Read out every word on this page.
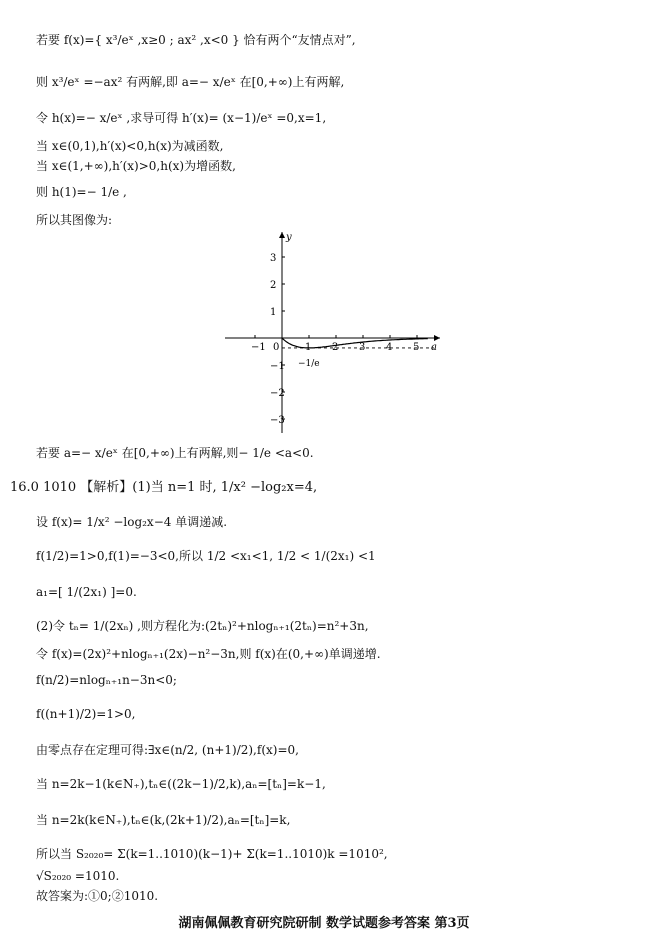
若要 f(x)={ x³/eˣ ,x≥0 ; ax² ,x<0 } 恰有两个“友情点对”,
则 x³/eˣ =−ax² 有两解,即 a=− x/eˣ 在[0,+∞)上有两解,
令 h(x)=− x/eˣ ,求导可得 h′(x)= (x−1)/eˣ =0,x=1,
当 x∈(0,1),h′(x)<0,h(x)为减函数,
当 x∈(1,+∞),h′(x)>0,h(x)为增函数,
则 h(1)=− 1/e ,
所以其图像为:
y
a
−1 0	1 2 3 4 5
3
2
1
−1
−2
−3
−1/e
若要 a=− x/eˣ 在[0,+∞)上有两解,则− 1/e <a<0.
16.0 1010 【解析】(1)当 n=1 时, 1/x² −log₂x=4,
设 f(x)= 1/x² −log₂x−4 单调递减.
f(1/2)=1>0,f(1)=−3<0,所以 1/2 <x₁<1, 1/2 < 1/(2x₁) <1
a₁=[ 1/(2x₁) ]=0.
(2)令 tₙ= 1/(2xₙ) ,则方程化为:(2tₙ)²+nlogₙ₊₁(2tₙ)=n²+3n,
令 f(x)=(2x)²+nlogₙ₊₁(2x)−n²−3n,则 f(x)在(0,+∞)单调递增.
f(n/2)=nlogₙ₊₁n−3n<0;
f((n+1)/2)=1>0,
由零点存在定理可得:∃x∈(n/2, (n+1)/2),f(x)=0,
当 n=2k−1(k∈N₊),tₙ∈((2k−1)/2,k),aₙ=[tₙ]=k−1,
当 n=2k(k∈N₊),tₙ∈(k,(2k+1)/2),aₙ=[tₙ]=k,
所以当 S₂₀₂₀= Σ(k=1..1010)(k−1)+ Σ(k=1..1010)k =1010²,
√S₂₀₂₀ =1010.
故答案为:①0;②1010.
湖南佩佩教育研究院研制 数学试题参考答案 第3页
